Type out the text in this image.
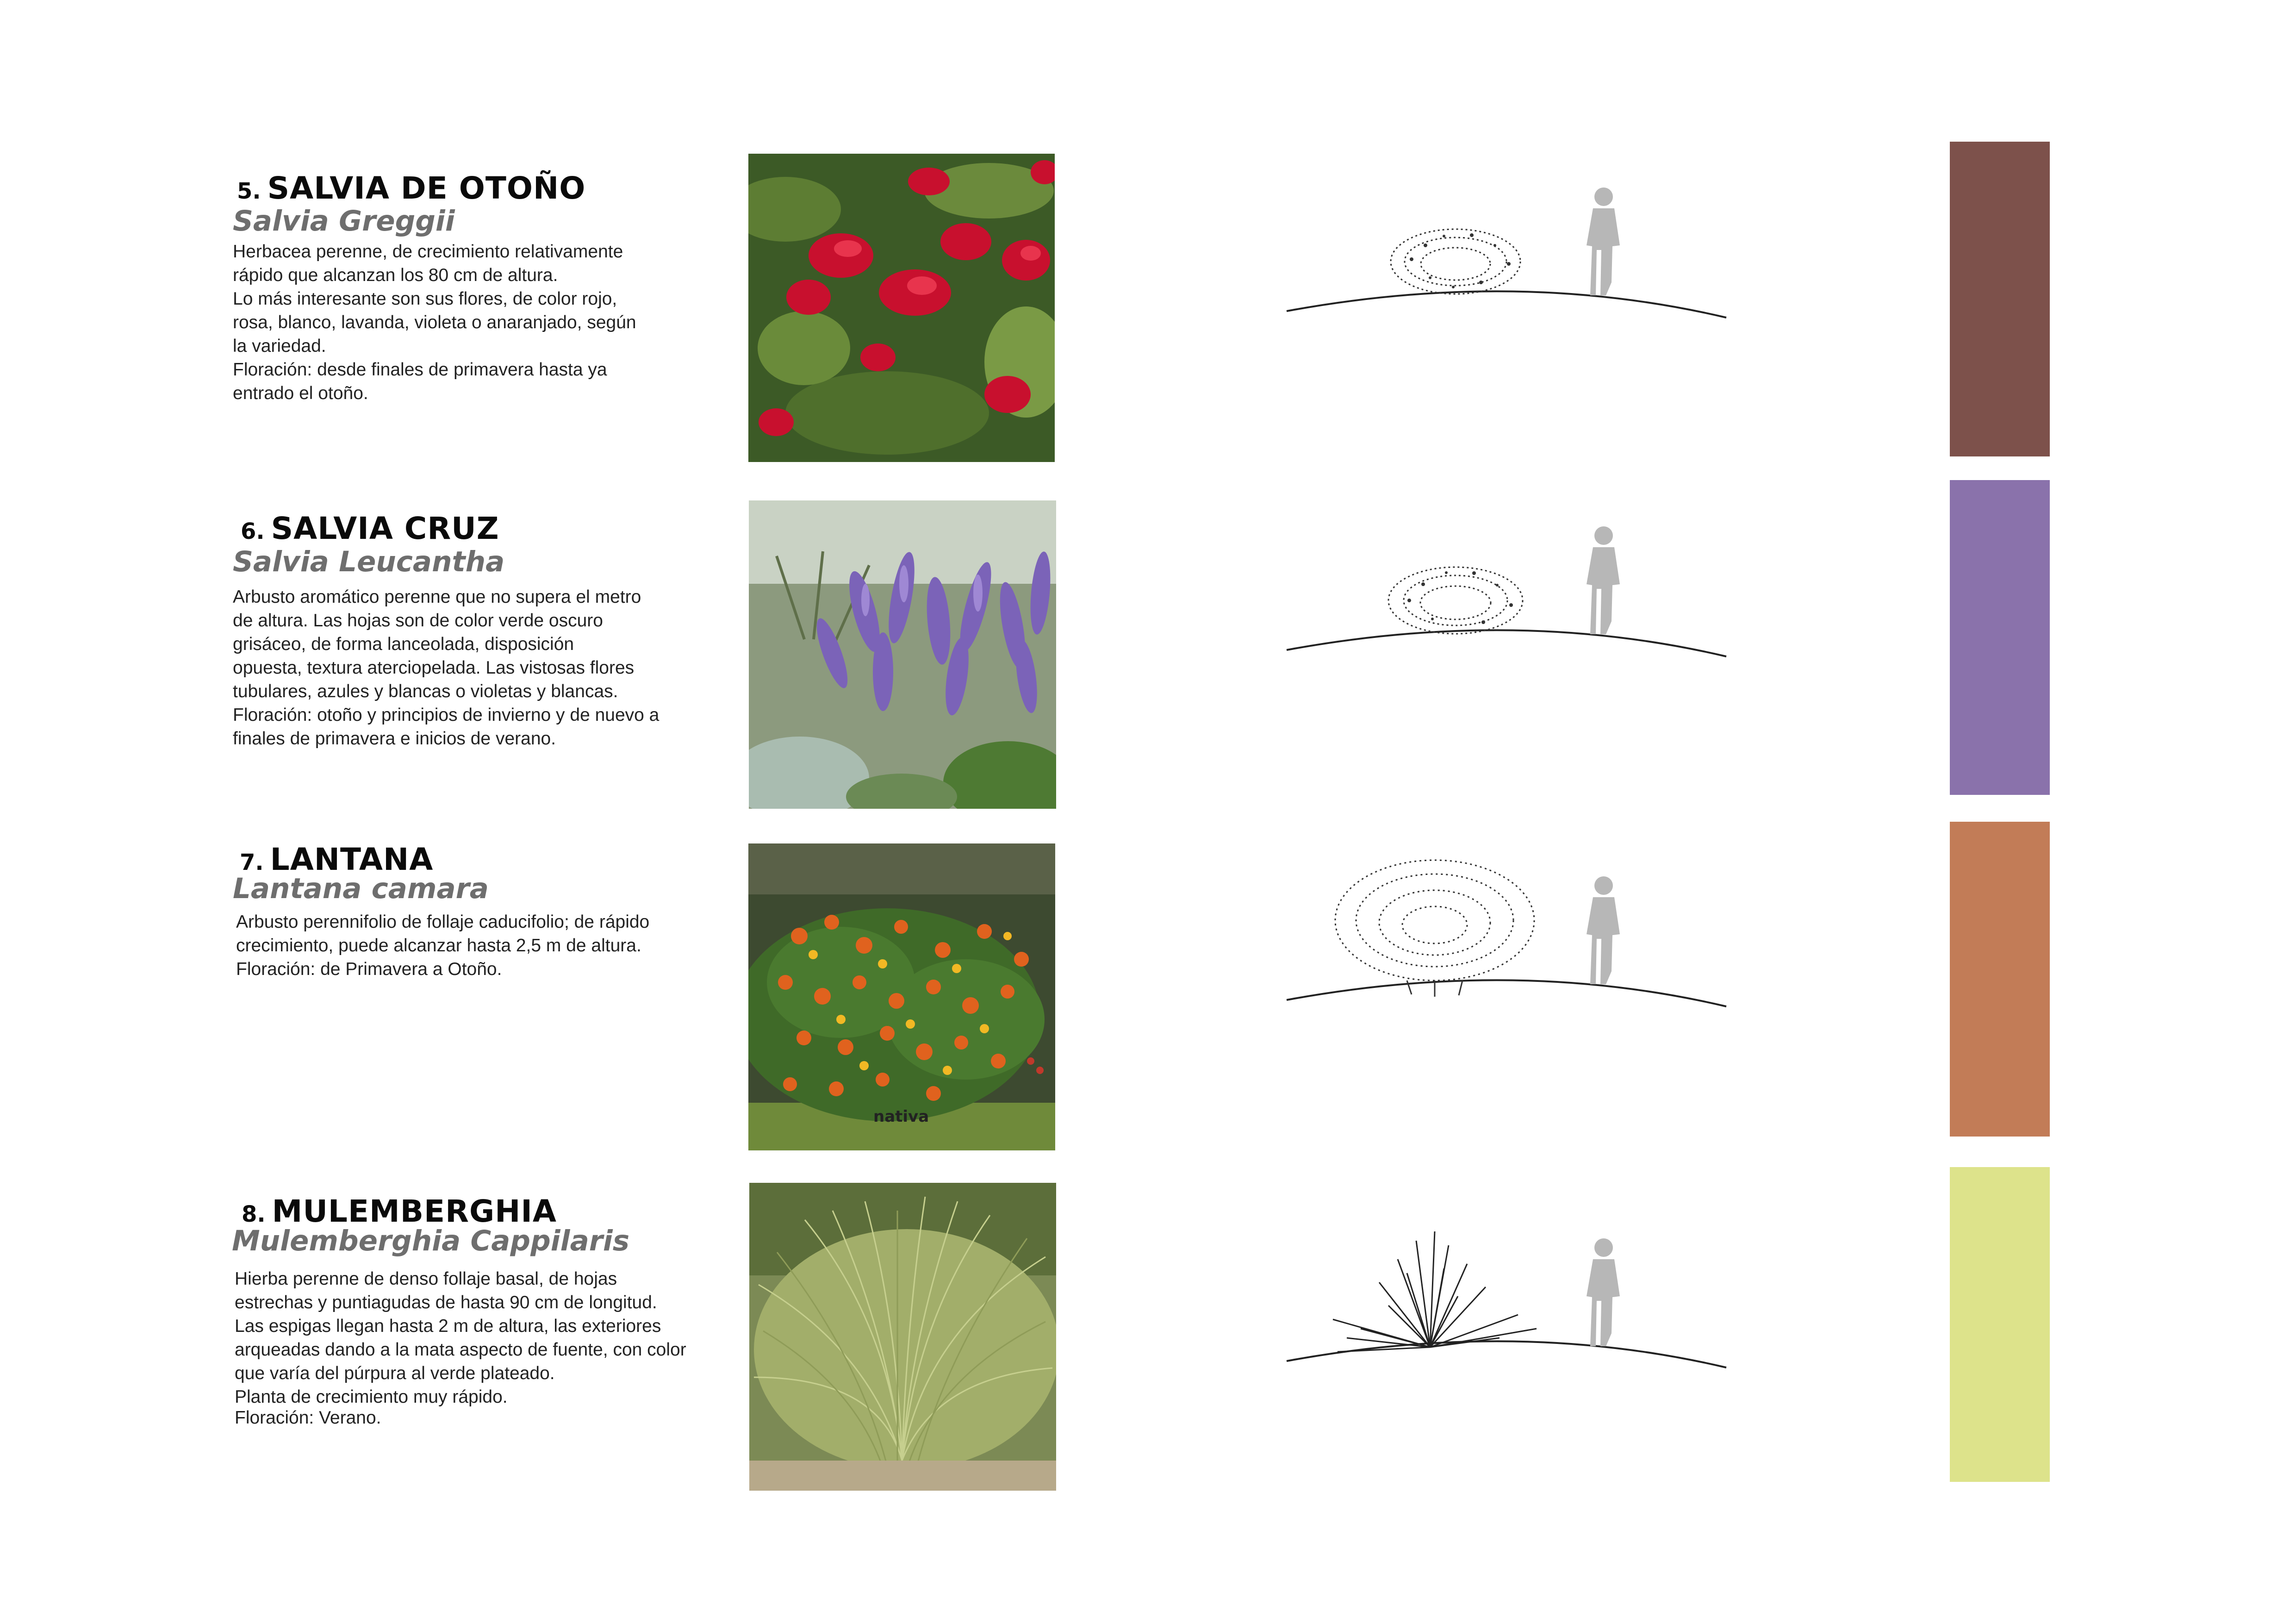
5. SALVIA DE OTOÑO
Salvia Greggii
Herbacea perenne, de crecimiento relativamente
rápido que alcanzan los 80 cm de altura.
Lo más interesante son sus flores, de color rojo,
rosa, blanco, lavanda, violeta o anaranjado, según
la variedad.
Floración: desde finales de primavera hasta ya
entrado el otoño.
6. SALVIA CRUZ
Salvia Leucantha
Arbusto aromático perenne que no supera el metro
de altura. Las hojas son de color verde oscuro
grisáceo, de forma lanceolada, disposición
opuesta, textura aterciopelada. Las vistosas flores
tubulares, azules y blancas o violetas y blancas.
Floración: otoño y principios de invierno y de nuevo a
finales de primavera e inicios de verano.
7. LANTANA
Lantana camara
Arbusto perennifolio de follaje caducifolio; de rápido
crecimiento, puede alcanzar hasta 2,5 m de altura.
Floración: de Primavera a Otoño.
nativa
8. MULEMBERGHIA
Mulemberghia Cappilaris
Hierba perenne de denso follaje basal, de hojas
estrechas y puntiagudas de hasta 90 cm de longitud.
Las espigas llegan hasta 2 m de altura, las exteriores
arqueadas dando a la mata aspecto de fuente, con color
que varía del púrpura al verde plateado.
Planta de crecimiento muy rápido.
Floración: Verano.
